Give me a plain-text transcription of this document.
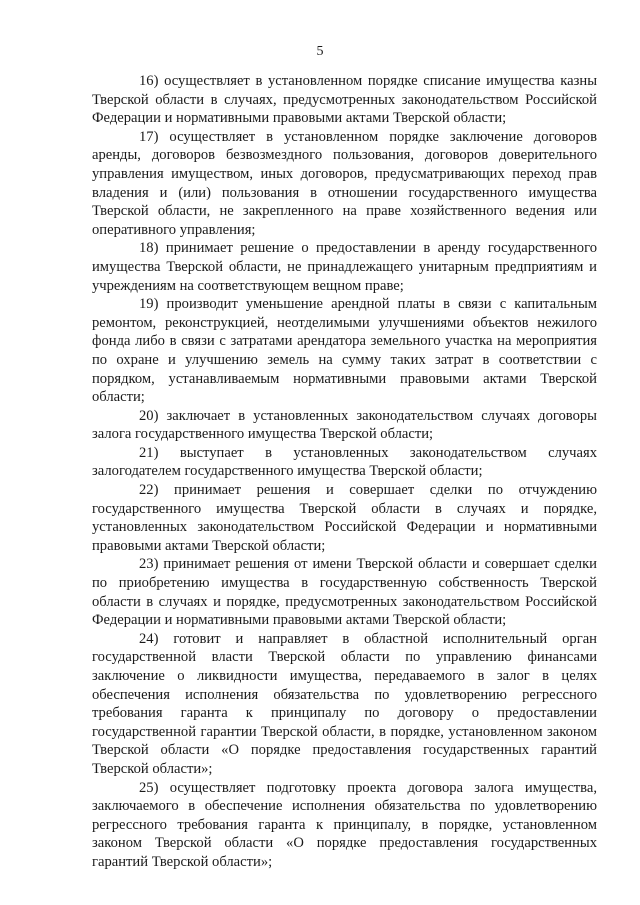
5

16) осуществляет в установленном порядке списание имущества казны Тверской области в случаях, предусмотренных законодательством Российской Федерации и нормативными правовыми актами Тверской области;

17) осуществляет в установленном порядке заключение договоров аренды, договоров безвозмездного пользования, договоров доверительного управления имуществом, иных договоров, предусматривающих переход прав владения и (или) пользования в отношении государственного имущества Тверской области, не закрепленного на праве хозяйственного ведения или оперативного управления;

18) принимает решение о предоставлении в аренду государственного имущества Тверской области, не принадлежащего унитарным предприятиям и учреждениям на соответствующем вещном праве;

19) производит уменьшение арендной платы в связи с капитальным ремонтом, реконструкцией, неотделимыми улучшениями объектов нежилого фонда либо в связи с затратами арендатора земельного участка на мероприятия по охране и улучшению земель на сумму таких затрат в соответствии с порядком, устанавливаемым нормативными правовыми актами Тверской области;

20) заключает в установленных законодательством случаях договоры залога государственного имущества Тверской области;

21) выступает в установленных законодательством случаях залогодателем государственного имущества Тверской области;

22) принимает решения и совершает сделки по отчуждению государственного имущества Тверской области в случаях и порядке, установленных законодательством Российской Федерации и нормативными правовыми актами Тверской области;

23) принимает решения от имени Тверской области и совершает сделки по приобретению имущества в государственную собственность Тверской области в случаях и порядке, предусмотренных законодательством Российской Федерации и нормативными правовыми актами Тверской области;

24) готовит и направляет в областной исполнительный орган государственной власти Тверской области по управлению финансами заключение о ликвидности имущества, передаваемого в залог в целях обеспечения исполнения обязательства по удовлетворению регрессного требования гаранта к принципалу по договору о предоставлении государственной гарантии Тверской области, в порядке, установленном законом Тверской области «О порядке предоставления государственных гарантий Тверской области»;

25) осуществляет подготовку проекта договора залога имущества, заключаемого в обеспечение исполнения обязательства по удовлетворению регрессного требования гаранта к принципалу, в порядке, установленном законом Тверской области «О порядке предоставления государственных гарантий Тверской области»;
